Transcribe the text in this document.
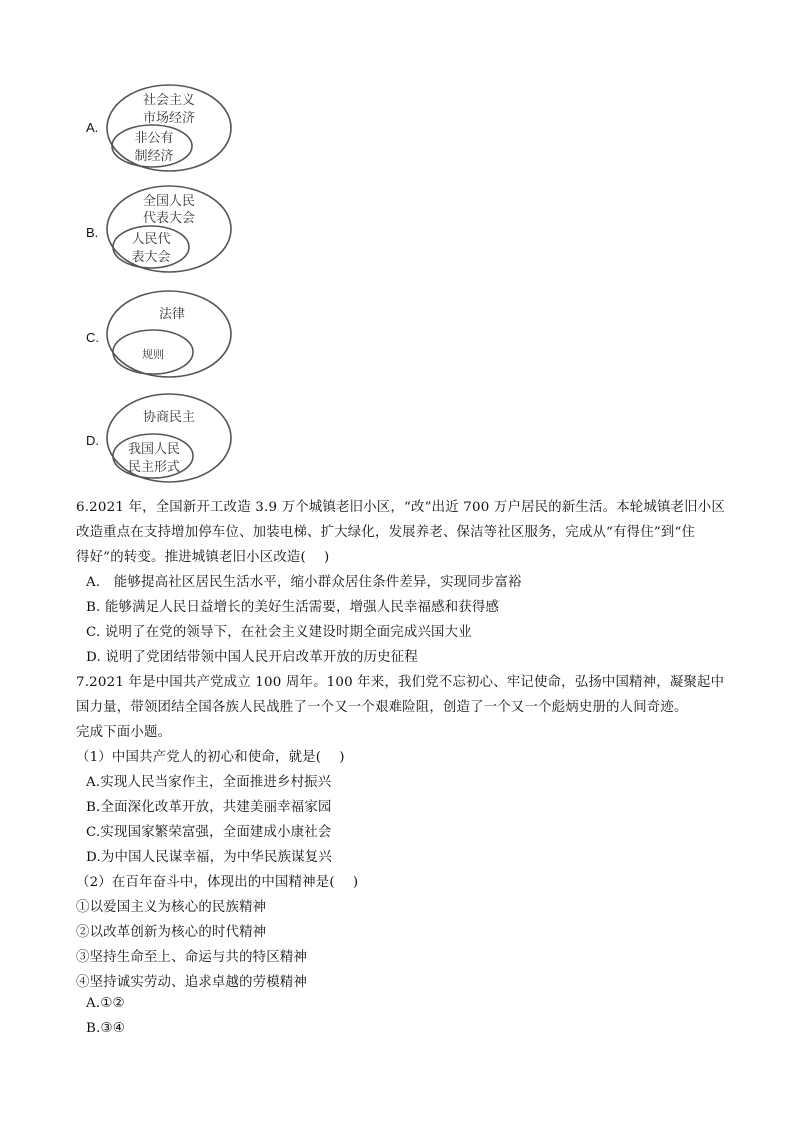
A.
社会主义
市场经济
非公有
制经济
B.
全国人民
代表大会
人民代
表大会
C.
法律
规则
D.
协商民主
我国人民
民主形式
6.2021 年，全国新开工改造 3.9 万个城镇老旧小区，“改”出近 700 万户居民的新生活。本轮城镇老旧小区
改造重点在支持增加停车位、加装电梯、扩大绿化，发展养老、保洁等社区服务，完成从“有得住”到“住
得好”的转变。推进城镇老旧小区改造(　 )
A.　能够提高社区居民生活水平，缩小群众居住条件差异，实现同步富裕
B. 能够满足人民日益增长的美好生活需要，增强人民幸福感和获得感
C. 说明了在党的领导下，在社会主义建设时期全面完成兴国大业
D. 说明了党团结带领中国人民开启改革开放的历史征程
7.2021 年是中国共产党成立 100 周年。100 年来，我们党不忘初心、牢记使命，弘扬中国精神，凝聚起中
国力量，带领团结全国各族人民战胜了一个又一个艰难险阻，创造了一个又一个彪炳史册的人间奇迹。
完成下面小题。
（1）中国共产党人的初心和使命，就是(　 )
A.实现人民当家作主，全面推进乡村振兴
B.全面深化改革开放，共建美丽幸福家园
C.实现国家繁荣富强，全面建成小康社会
D.为中国人民谋幸福，为中华民族谋复兴
（2）在百年奋斗中，体现出的中国精神是(　 )
①以爱国主义为核心的民族精神
②以改革创新为核心的时代精神
③坚持生命至上、命运与共的特区精神
④坚持诚实劳动、追求卓越的劳模精神
A.①②
B.③④
